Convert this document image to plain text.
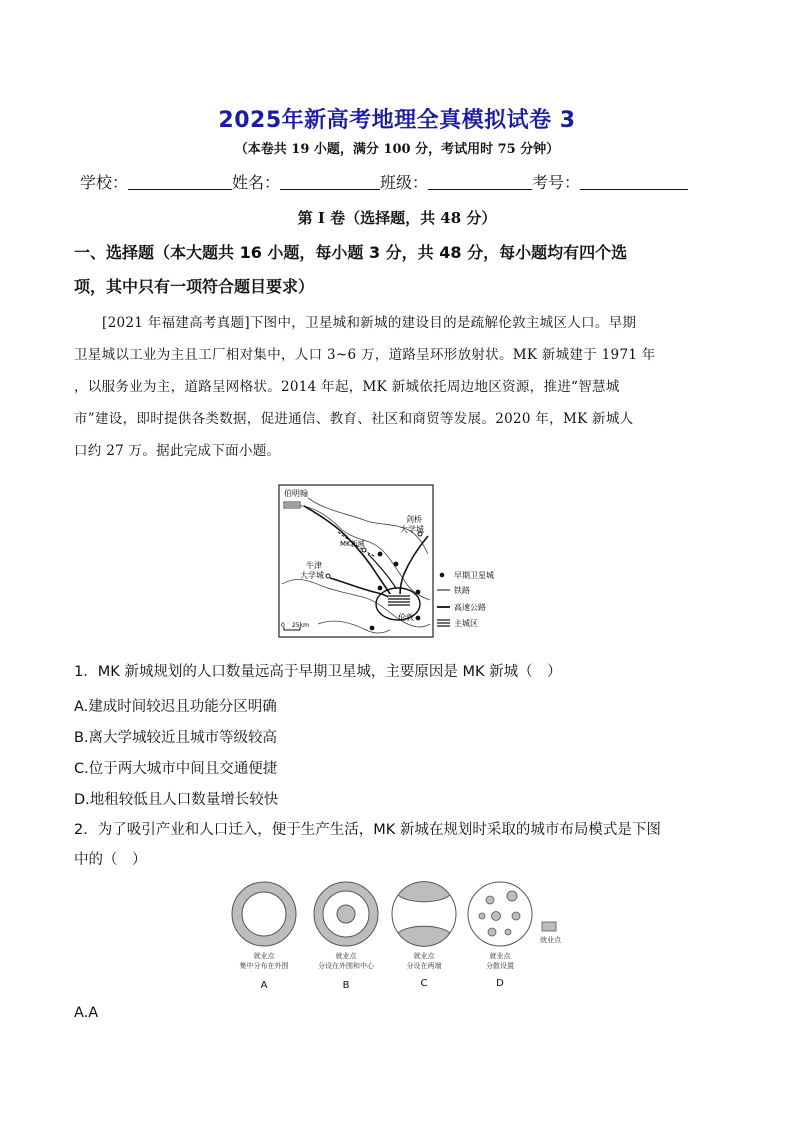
2025年新高考地理全真模拟试卷 3
（本卷共 19 小题，满分 100 分，考试用时 75 分钟）
学校：	姓名：	班级：	考号：
第 I 卷（选择题，共 48 分）
一、选择题（本大题共 16 小题，每小题 3 分，共 48 分，每小题均有四个选
项，其中只有一项符合题目要求）
[2021 年福建高考真题]下图中，卫星城和新城的建设目的是疏解伦敦主城区人口。早期
卫星城以工业为主且工厂相对集中，人口 3~6 万，道路呈环形放射状。MK 新城建于 1971 年
，以服务业为主，道路呈网格状。2014 年起，MK 新城依托周边地区资源，推进“智慧城
市”建设，即时提供各类数据，促进通信、教育、社区和商贸等发展。2020 年，MK 新城人
口约 27 万。据此完成下面小题。
伯明翰
MK新城
剑桥
大学城
牛津
大学城
伦敦
0 25km
早期卫星城
铁路
高速公路
主城区
1．MK 新城规划的人口数量远高于早期卫星城，主要原因是 MK 新城（　）
A.建成时间较迟且功能分区明确
B.离大学城较近且城市等级较高
C.位于两大城市中间且交通便捷
D.地租较低且人口数量增长较快
2．为了吸引产业和人口迁入，便于生产生活，MK 新城在规划时采取的城市布局模式是下图
中的（　）
就业点
就业点
集中分布在外围
A
就业点
分设在外围和中心
B
就业点
分设在两端
C
就业点
分散设置
D
A.A
